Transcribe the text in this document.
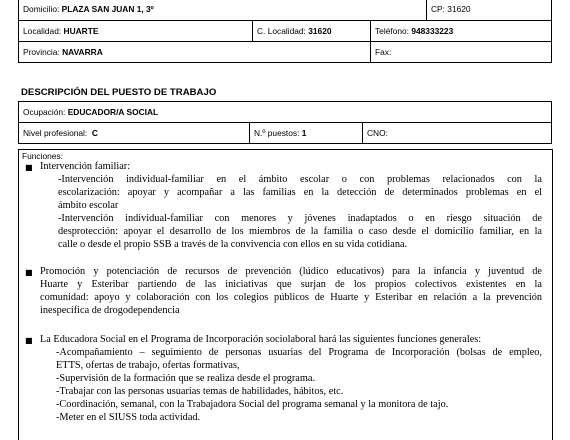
Domicilio: PLAZA SAN JUAN 1, 3º			CP: 31620
Localidad: HUARTE	C. Localidad: 31620	Teléfono: 948333223	
Provincia: NAVARRA		Fax:	
DESCRIPCIÓN DEL PUESTO DE TRABAJO
Ocupación: EDUCADOR/A SOCIAL
Nivel profesional: C	N.º puestos: 1	CNO:
Funciones:
■ Intervención familiar:
-Intervención individual-familiar en el ámbito escolar o con problemas relacionados con la
escolarización: apoyar y acompañar a las familias en la detección de determinados problemas en el
ámbito escolar
-Intervención individual-familiar con menores y jóvenes inadaptados o en riesgo situación de
desprotección: apoyar el desarrollo de los miembros de la familia o caso desde el domicilio familiar, en la
calle o desde el propio SSB a través de la convivencia con ellos en su vida cotidiana.
■ Promoción y potenciación de recursos de prevención (lúdico educativos) para la infancia y juventud de
Huarte y Esteribar partiendo de las iniciativas que surjan de los propios colectivos existentes en la
comunidad: apoyo y colaboración con los colegios públicos de Huarte y Esteribar en relación a la prevención
inespecífica de drogodependencia
■ La Educadora Social en el Programa de Incorporación sociolaboral hará las siguientes funciones generales:
-Acompañamiento – seguimiento de personas usuarias del Programa de Incorporación (bolsas de empleo,
ETTS, ofertas de trabajo, ofertas formativas,
-Supervisión de la formación que se realiza desde el programa.
-Trabajar con las personas usuarias temas de habilidades, hábitos, etc.
-Coordinación, semanal, con la Trabajadora Social del programa semanal y la monitora de tajo.
-Meter en el SIUSS toda actividad.
